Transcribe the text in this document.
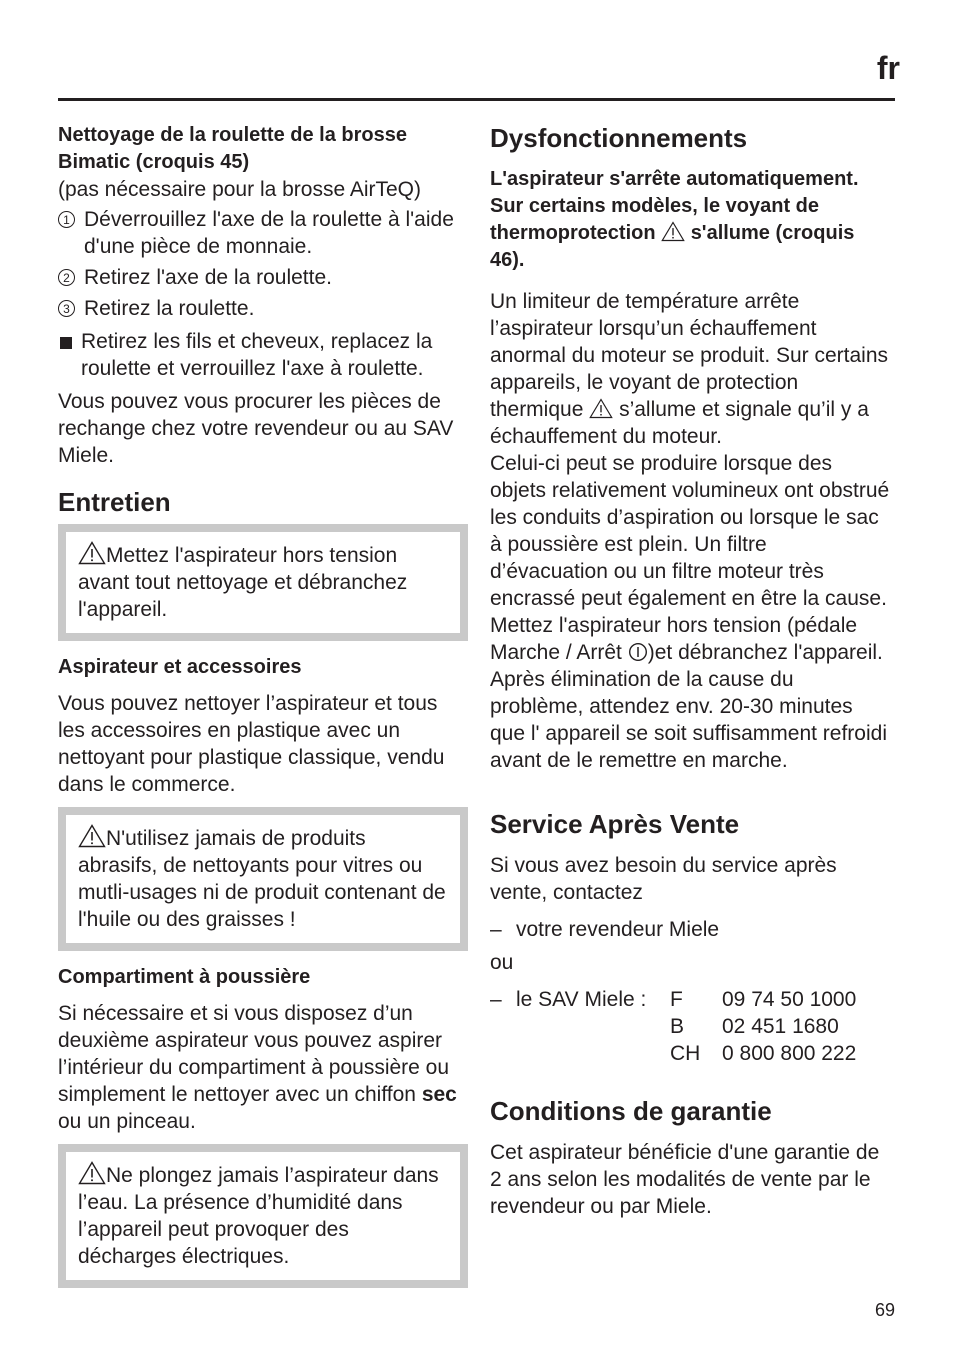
fr

Nettoyage de la roulette de la brosse Bimatic (croquis 45)

(pas nécessaire pour la brosse AirTeQ)

1 Déverrouillez l'axe de la roulette à l'aide d'une pièce de monnaie.
2 Retirez l'axe de la roulette.
3 Retirez la roulette.
Retirez les fils et cheveux, replacez la roulette et verrouillez l'axe à roulette.

Vous pouvez vous procurer les pièces de rechange chez votre revendeur ou au SAV Miele.

Entretien
Mettez l'aspirateur hors tension avant tout nettoyage et débranchez l'appareil.

Aspirateur et accessoires

Vous pouvez nettoyer l’aspirateur et tous les accessoires en plastique avec un nettoyant pour plastique classique, vendu dans le commerce.

N'utilisez jamais de produits abrasifs, de nettoyants pour vitres ou mutli-usages ni de produit contenant de l'huile ou des graisses !

Compartiment à poussière

Si nécessaire et si vous disposez d’un deuxième aspirateur vous pouvez aspirer l’intérieur du compartiment à poussière ou simplement le nettoyer avec un chiffon sec ou un pinceau.

Ne plongez jamais l’aspirateur dans l’eau. La présence d’humidité dans l’appareil peut provoquer des décharges électriques.
Dysfonctionnements

L'aspirateur s'arrête automatiquement.

Sur certains modèles, le voyant de thermoprotection s'allume (croquis 46).

Un limiteur de température arrête l’aspirateur lorsqu’un échauffement anormal du moteur se produit. Sur certains appareils, le voyant de protection thermique s’allume et signale qu’il y a échauffement du moteur.

Celui-ci peut se produire lorsque des objets relativement volumineux ont obstrué les conduits d’aspiration ou lorsque le sac à poussière est plein. Un filtre d’évacuation ou un filtre moteur très encrassé peut également en être la cause. Mettez l'aspirateur hors tension (pédale Marche / Arrêt )et débranchez l'appareil.

Après élimination de la cause du problème, attendez env. 20-30 minutes que l' appareil se soit suffisamment refroidi avant de le remettre en marche.

Service Après Vente

Si vous avez besoin du service après vente, contactez

– votre revendeur Miele

ou

– le SAV Miele :	F	09 74 50 1000
B	02 451 1680
CH	0 800 800 222
Conditions de garantie

Cet aspirateur bénéficie d'une garantie de 2 ans selon les modalités de vente par le revendeur ou par Miele.

69
